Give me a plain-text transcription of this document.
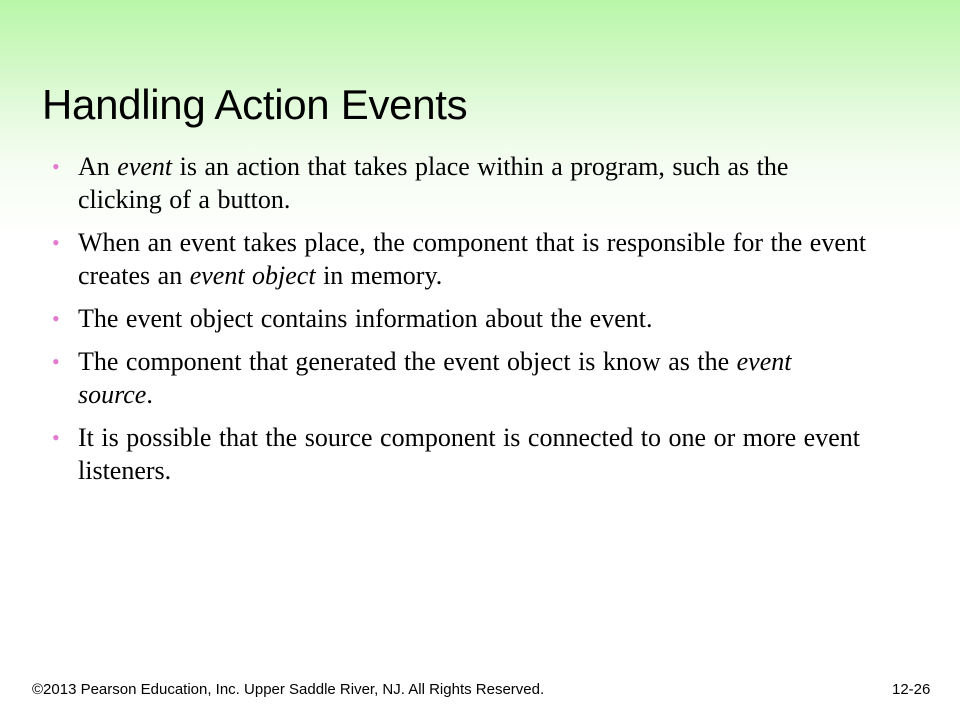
Handling Action Events
• An event is an action that takes place within a program, such as the clicking of a button.
• When an event takes place, the component that is responsible for the event creates an event object in memory.
• The event object contains information about the event.
• The component that generated the event object is know as the event source.
• It is possible that the source component is connected to one or more event listeners.
©2013 Pearson Education, Inc. Upper Saddle River, NJ. All Rights Reserved.	12-26
